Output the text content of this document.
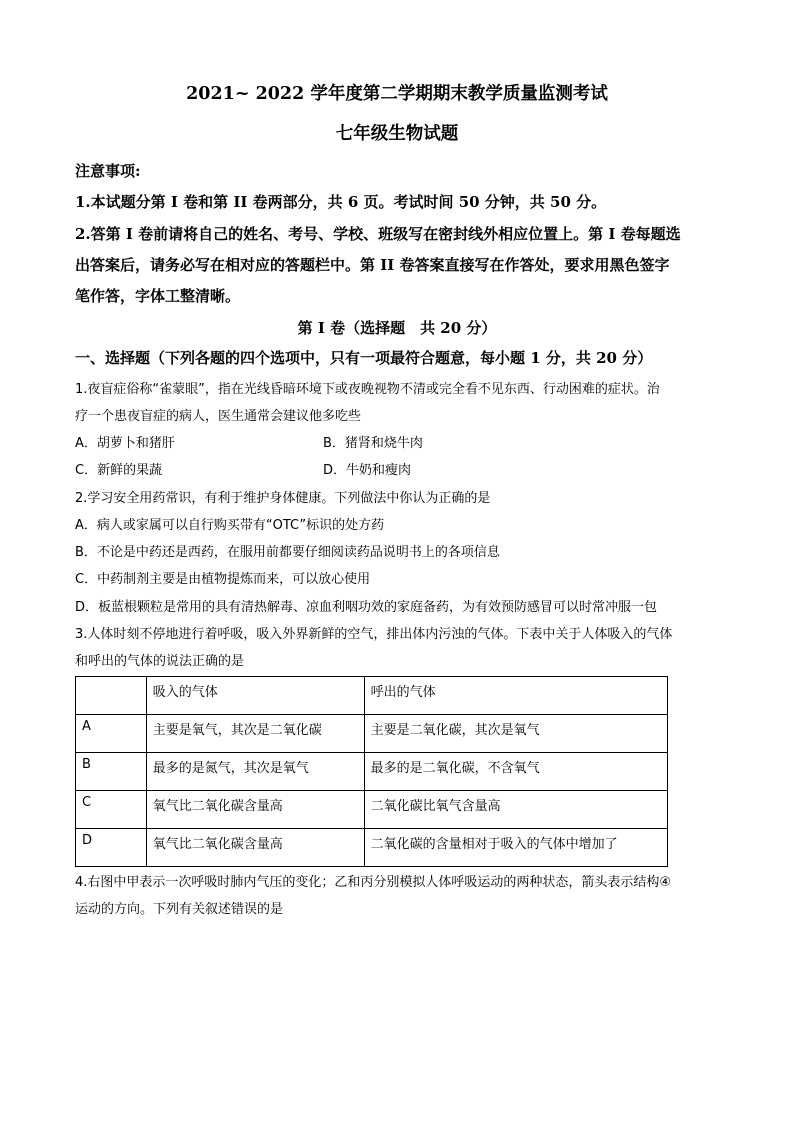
2021~ 2022 学年度第二学期期末教学质量监测考试
七年级生物试题
注意事项:
1.本试题分第 I 卷和第 II 卷两部分，共 6 页。考试时间 50 分钟，共 50 分。
2.答第 I 卷前请将自己的姓名、考号、学校、班级写在密封线外相应位置上。第 I 卷每题选
出答案后，请务必写在相对应的答题栏中。第 II 卷答案直接写在作答处，要求用黑色签字
笔作答，字体工整清晰。
第 I 卷（选择题　共 20 分）
一、选择题（下列各题的四个选项中，只有一项最符合题意，每小题 1 分，共 20 分）
1.夜盲症俗称“雀蒙眼”，指在光线昏暗环境下或夜晚视物不清或完全看不见东西、行动困难的症状。治
疗一个患夜盲症的病人，医生通常会建议他多吃些
A．胡萝卜和猪肝	B．猪肾和烧牛肉
C．新鲜的果蔬	D．牛奶和瘦肉
2.学习安全用药常识，有利于维护身体健康。下列做法中你认为正确的是
A．病人或家属可以自行购买带有“OTC”标识的处方药
B．不论是中药还是西药，在服用前都要仔细阅读药品说明书上的各项信息
C．中药制剂主要是由植物提炼而来，可以放心使用
D．板蓝根颗粒是常用的具有清热解毒、凉血利咽功效的家庭备药，为有效预防感冒可以时常冲服一包
3.人体时刻不停地进行着呼吸，吸入外界新鲜的空气，排出体内污浊的气体。下表中关于人体吸入的气体
和呼出的气体的说法正确的是
	吸入的气体	呼出的气体
A	主要是氧气，其次是二氧化碳	主要是二氧化碳，其次是氧气
B	最多的是氮气，其次是氧气	最多的是二氧化碳，不含氧气
C	氧气比二氧化碳含量高	二氧化碳比氧气含量高
D	氧气比二氧化碳含量高	二氧化碳的含量相对于吸入的气体中增加了
4.右图中甲表示一次呼吸时肺内气压的变化；乙和丙分别模拟人体呼吸运动的两种状态，箭头表示结构④
运动的方向。下列有关叙述错误的是
